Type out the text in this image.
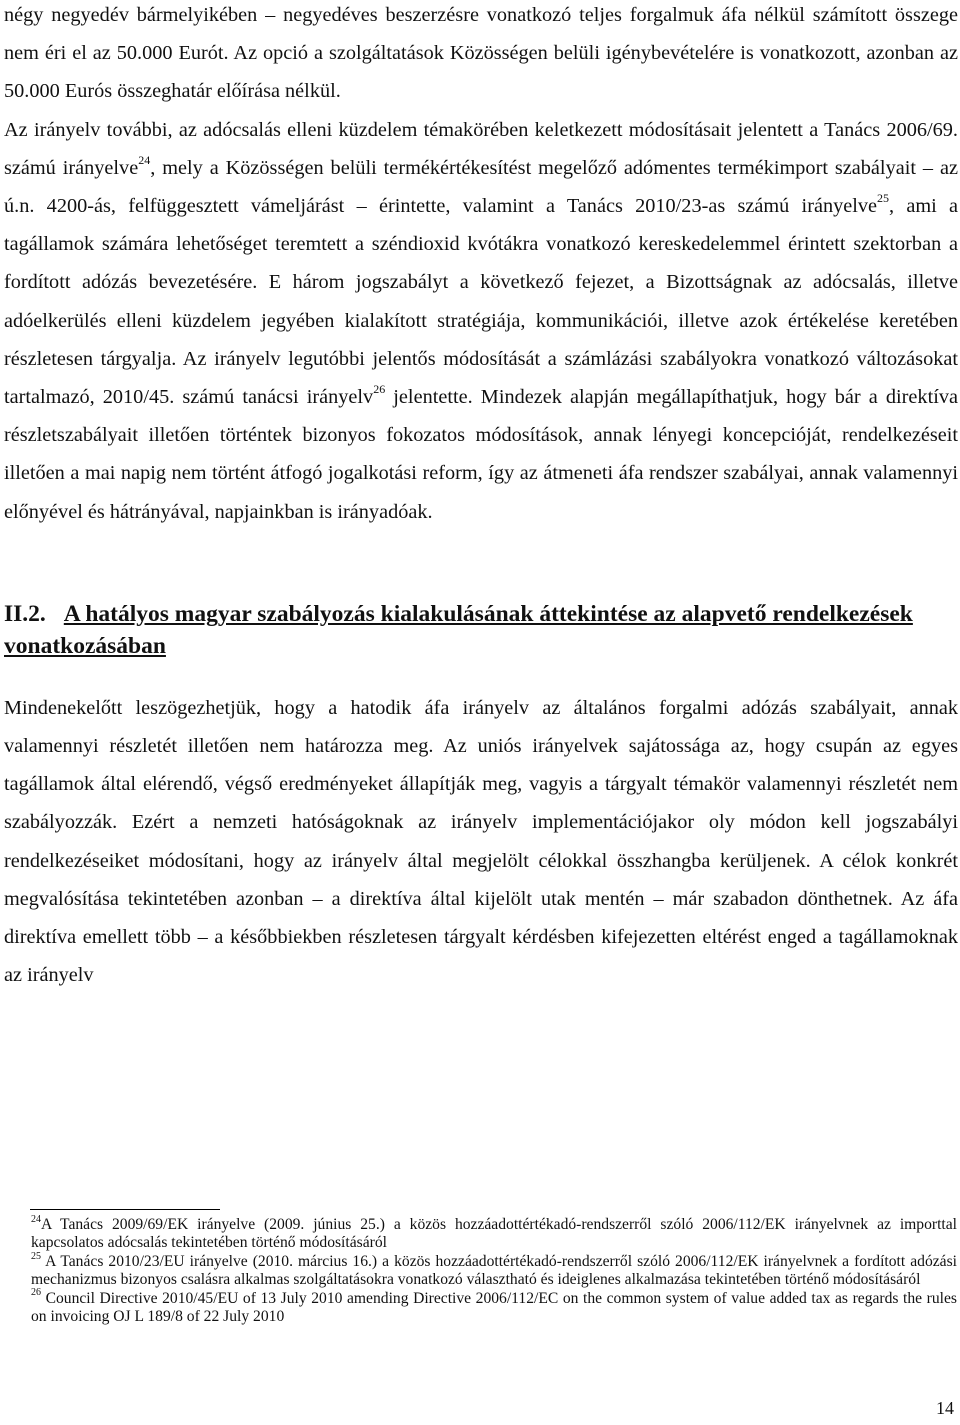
négy negyedév bármelyikében – negyedéves beszerzésre vonatkozó teljes forgalmuk áfa nélkül számított összege nem éri el az 50.000 Eurót. Az opció a szolgáltatások Közösségen belüli igénybevételére is vonatkozott, azonban az 50.000 Eurós összeghatár előírása nélkül.

Az irányelv további, az adócsalás elleni küzdelem témakörében keletkezett módosításait jelentett a Tanács 2006/69. számú irányelve$^{24}$, mely a Közösségen belüli termékértékesítést megelőző adómentes termékimport szabályait – az ú.n. 4200-ás, felfüggesztett vámeljárást – érintette, valamint a Tanács 2010/23-as számú irányelve$^{25}$, ami a tagállamok számára lehetőséget teremtett a széndioxid kvótákra vonatkozó kereskedelemmel érintett szektorban a fordított adózás bevezetésére. E három jogszabályt a következő fejezet, a Bizottságnak az adócsalás, illetve adóelkerülés elleni küzdelem jegyében kialakított stratégiája, kommunikációi, illetve azok értékelése keretében részletesen tárgyalja. Az irányelv legutóbbi jelentős módosítását a számlázási szabályokra vonatkozó változásokat tartalmazó, 2010/45. számú tanácsi irányelv$^{26}$ jelentette. Mindezek alapján megállapíthatjuk, hogy bár a direktíva részletszabályait illetően történtek bizonyos fokozatos módosítások, annak lényegi koncepcióját, rendelkezéseit illetően a mai napig nem történt átfogó jogalkotási reform, így az átmeneti áfa rendszer szabályai, annak valamennyi előnyével és hátrányával, napjainkban is irányadóak.

II.2. A hatályos magyar szabályozás kialakulásának áttekintése az alapvető rendelkezések vonatkozásában

Mindenekelőtt leszögezhetjük, hogy a hatodik áfa irányelv az általános forgalmi adózás szabályait, annak valamennyi részletét illetően nem határozza meg. Az uniós irányelvek sajátossága az, hogy csupán az egyes tagállamok által elérendő, végső eredményeket állapítják meg, vagyis a tárgyalt témakör valamennyi részletét nem szabályozzák. Ezért a nemzeti hatóságoknak az irányelv implementációjakor oly módon kell jogszabályi rendelkezéseiket módosítani, hogy az irányelv által megjelölt célokkal összhangba kerüljenek. A célok konkrét megvalósítása tekintetében azonban – a direktíva által kijelölt utak mentén – már szabadon dönthetnek. Az áfa direktíva emellett több – a későbbiekben részletesen tárgyalt kérdésben kifejezetten eltérést enged a tagállamoknak az irányelv

$^{24}$A Tanács 2009/69/EK irányelve (2009. június 25.) a közös hozzáadottértékadó-rendszerről szóló 2006/112/EK irányelvnek az importtal kapcsolatos adócsalás tekintetében történő módosításáról

$^{25}$ A Tanács 2010/23/EU irányelve (2010. március 16.) a közös hozzáadottértékadó-rendszerről szóló 2006/112/EK irányelvnek a fordított adózási mechanizmus bizonyos csalásra alkalmas szolgáltatásokra vonatkozó választható és ideiglenes alkalmazása tekintetében történő módosításáról

$^{26}$ Council Directive 2010/45/EU of 13 July 2010 amending Directive 2006/112/EC on the common system of value added tax as regards the rules on invoicing OJ L 189/8 of 22 July 2010

14
